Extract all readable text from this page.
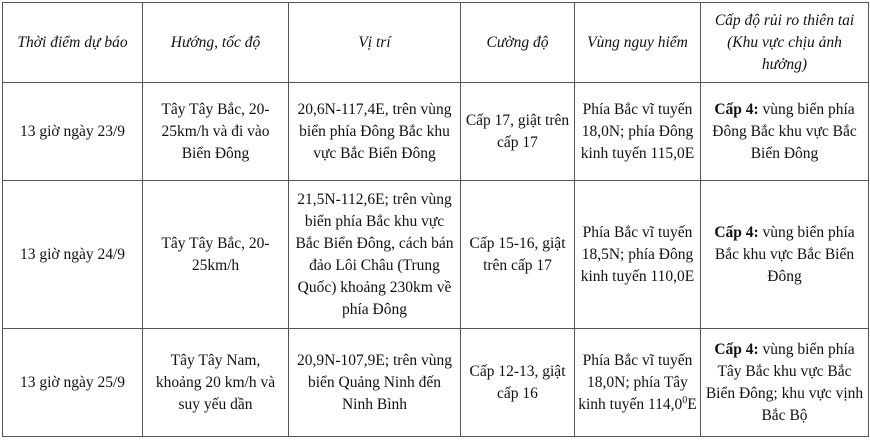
Thời điểm dự báo	Hướng, tốc độ	Vị trí	Cường độ	Vùng nguy hiểm	Cấp độ rủi ro thiên tai (Khu vực chịu ảnh hưởng)
13 giờ ngày 23/9	Tây Tây Bắc, 20-25km/h và đi vào Biển Đông	20,6N-117,4E, trên vùng biển phía Đông Bắc khu vực Bắc Biển Đông	Cấp 17, giật trên cấp 17	Phía Bắc vĩ tuyến 18,0N; phía Đông kinh tuyến 115,0E	Cấp 4: vùng biển phía Đông Bắc khu vực Bắc Biển Đông
13 giờ ngày 24/9	Tây Tây Bắc, 20-25km/h	21,5N-112,6E; trên vùng biển phía Bắc khu vực Bắc Biển Đông, cách bán đảo Lôi Châu (Trung Quốc) khoảng 230km về phía Đông	Cấp 15-16, giật trên cấp 17	Phía Bắc vĩ tuyến 18,5N; phía Đông kinh tuyến 110,0E	Cấp 4: vùng biển phía Bắc khu vực Bắc Biển Đông
13 giờ ngày 25/9	Tây Tây Nam, khoảng 20 km/h và suy yếu dần	20,9N-107,9E; trên vùng biển Quảng Ninh đến Ninh Bình	Cấp 12-13, giật cấp 16	Phía Bắc vĩ tuyến 18,0N; phía Tây kinh tuyến 114,0$^0$E	Cấp 4: vùng biển phía Tây Bắc khu vực Bắc Biển Đông; khu vực vịnh Bắc Bộ
